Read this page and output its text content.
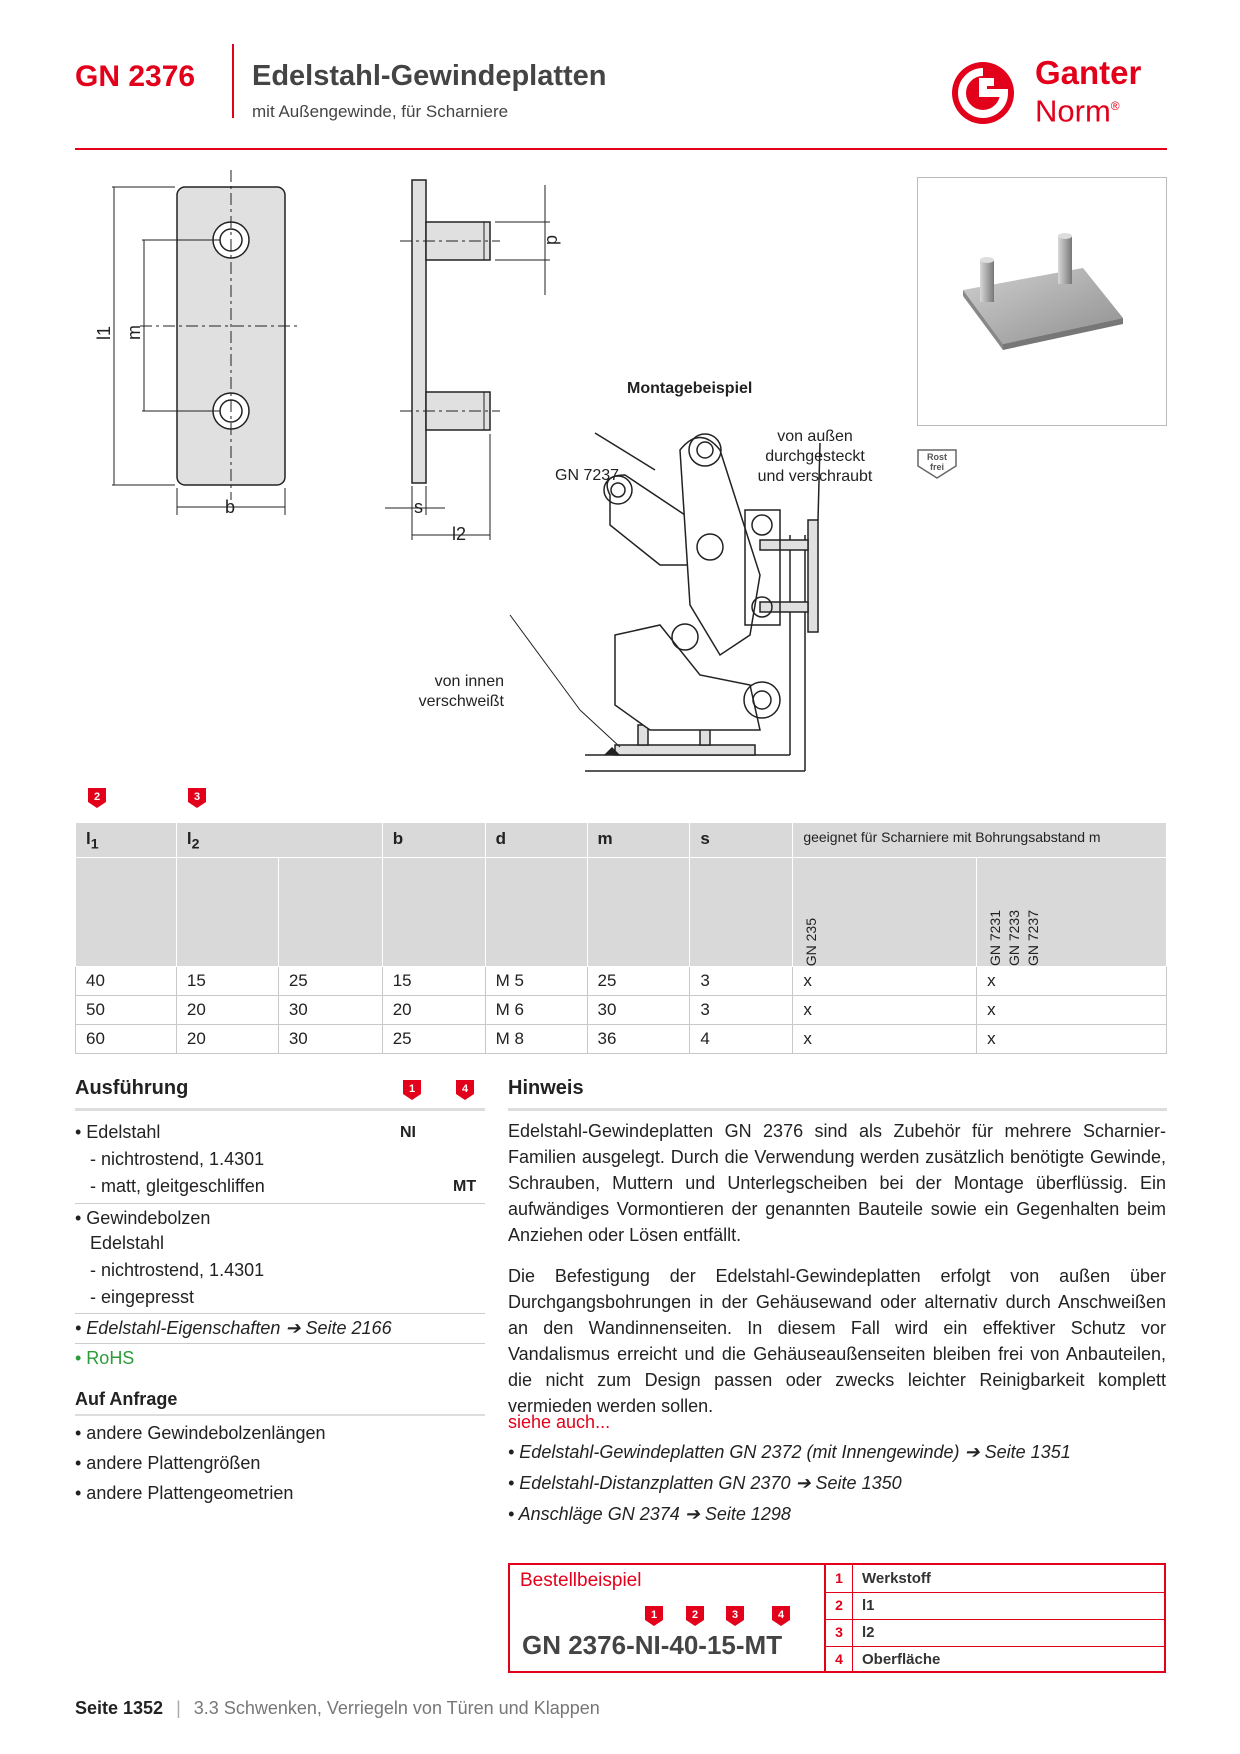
GN 2376 Edelstahl-Gewindeplatten
mit Außengewinde, für Scharniere
Ganter
Norm®
l1 m
b
d
s
l2
Montagebeispiel
von außen
durchgesteckt
und verschraubt
GN 7237
von innen
verschweißt
Rost
frei
2	3
$l_1$	$l_2$		b	d	m	s	geeignet für Scharniere mit Bohrungsabstand m	

							GN 235	GN 7231 GN 7233 GN 7237

40	15	25	15	M 5	25	3	x	x
50	20	30	20	M 6	30	3	x	x
60	20	30	25	M 8	36	4	x	x
Ausführung	1	4
• Edelstahl	NI
- nichtrostend, 1.4301
- matt, gleitgeschliffen	MT
• Gewindebolzen
Edelstahl
- nichtrostend, 1.4301
- eingepresst
• Edelstahl-Eigenschaften ➔ Seite 2166
• RoHS
Auf Anfrage
• andere Gewindebolzenlängen
• andere Plattengrößen
• andere Plattengeometrien
Hinweis
Edelstahl-Gewindeplatten GN 2376 sind als Zubehör für mehrere Scharnier-Familien ausgelegt. Durch die Verwendung werden zusätzlich benötigte Gewinde, Schrauben, Muttern und Unterlegscheiben bei der Montage überflüssig. Ein aufwändiges Vormontieren der genannten Bauteile sowie ein Gegenhalten beim Anziehen oder Lösen entfällt.
Die Befestigung der Edelstahl-Gewindeplatten erfolgt von außen über Durchgangsbohrungen in der Gehäusewand oder alternativ durch Anschweißen an den Wandinnenseiten. In diesem Fall wird ein effektiver Schutz vor Vandalismus erreicht und die Gehäuseaußenseiten bleiben frei von Anbauteilen, die nicht zum Design passen oder zwecks leichter Reinigbarkeit komplett vermieden werden sollen.
siehe auch...
• Edelstahl-Gewindeplatten GN 2372 (mit Innengewinde) ➔ Seite 1351
• Edelstahl-Distanzplatten GN 2370 ➔ Seite 1350
• Anschläge GN 2374 ➔ Seite 1298
Bestellbeispiel
1	2	3	4
GN 2376-NI-40-15-MT
1	Werkstoff
2	l1
3	l2
4	Oberfläche
Seite 1352 | 3.3 Schwenken, Verriegeln von Türen und Klappen
